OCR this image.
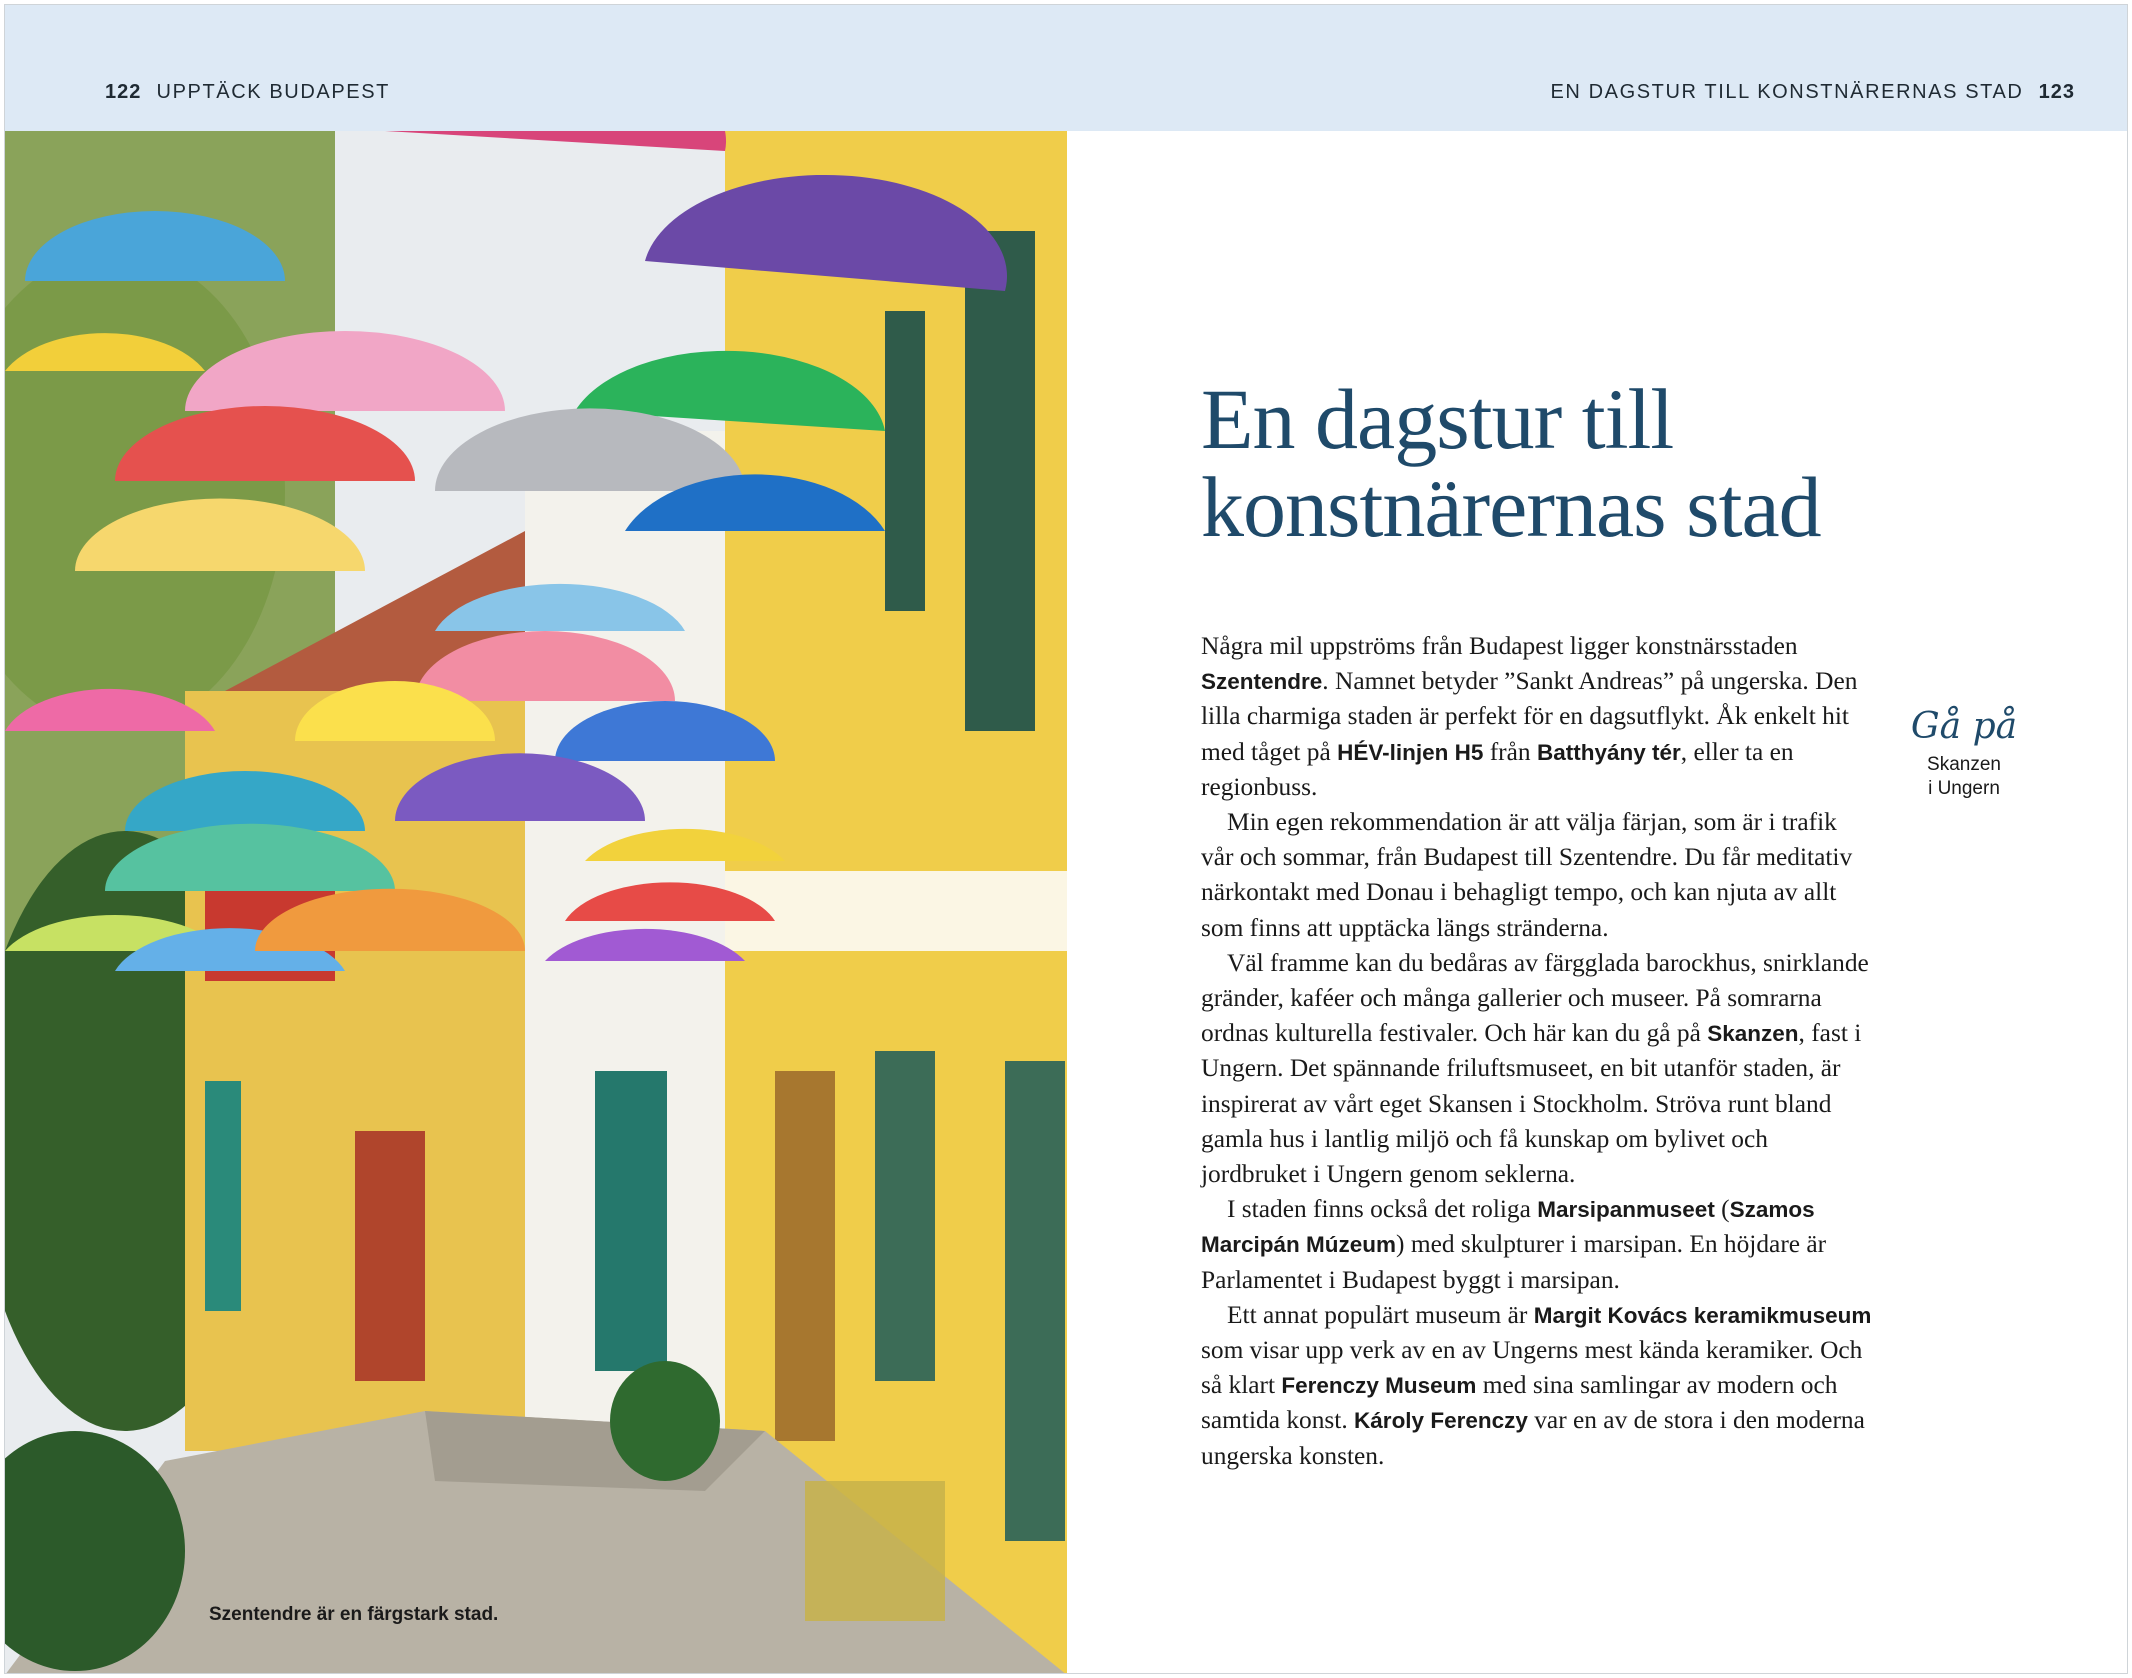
122 UPPTÄCK BUDAPEST	EN DAGSTUR TILL KONSTNÄRERNAS STAD 123
Szentendre är en färgstark stad.
En dagstur till
konstnärernas stad

Några mil uppströms från Budapest ligger konstnärsstaden Szentendre. Namnet betyder ”Sankt Andreas” på ungerska. Den lilla charmiga staden är perfekt för en dagsutflykt. Åk enkelt hit med tåget på HÉV-linjen H5 från Batthyány tér, eller ta en regionbuss.

Min egen rekommendation är att välja färjan, som är i trafik vår och sommar, från Budapest till Szentendre. Du får meditativ närkontakt med Donau i behagligt tempo, och kan njuta av allt som finns att upptäcka längs stränderna.

Väl framme kan du bedåras av färgglada barockhus, snirklande gränder, kaféer och många gallerier och museer. På somrarna ordnas kulturella festivaler. Och här kan du gå på Skanzen, fast i Ungern. Det spännande friluftsmuseet, en bit utanför staden, är inspirerat av vårt eget Skansen i Stockholm. Ströva runt bland gamla hus i lantlig miljö och få kunskap om bylivet och jordbruket i Ungern genom seklerna.

I staden finns också det roliga Marsipanmuseet (Szamos Marcipán Múzeum) med skulpturer i marsipan. En höjdare är Parlamentet i Budapest byggt i marsipan.

Ett annat populärt museum är Margit Kovács keramikmuseum som visar upp verk av en av Ungerns mest kända keramiker. Och så klart Ferenczy Museum med sina samlingar av modern och samtida konst. Károly Ferenczy var en av de stora i den moderna ungerska konsten.

Gå på
Skanzen
i Ungern
